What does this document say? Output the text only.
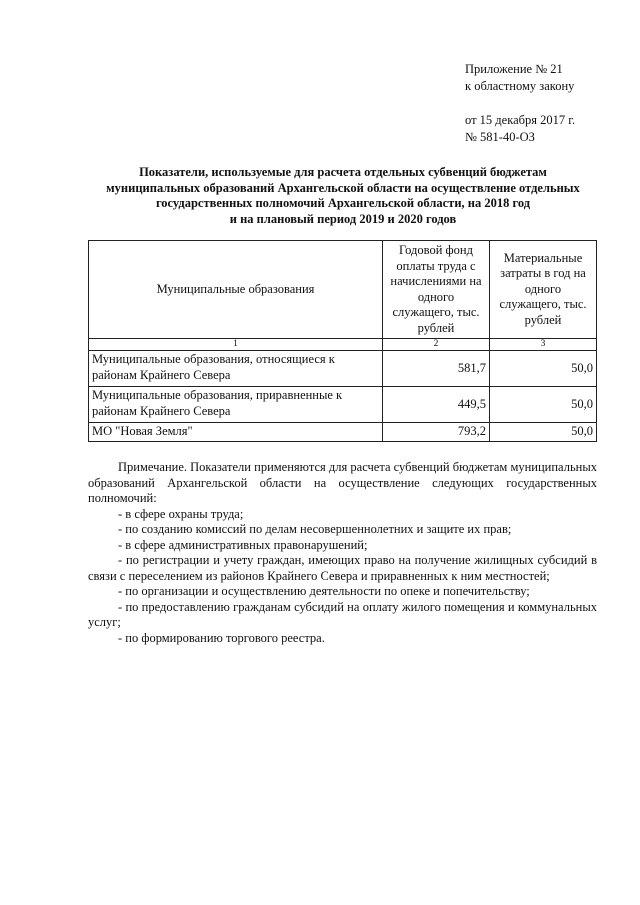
Приложение № 21
к областному закону
от 15 декабря 2017 г.
№ 581-40-ОЗ
Показатели, используемые для расчета отдельных субвенций бюджетам
муниципальных образований Архангельской области на осуществление отдельных
государственных полномочий Архангельской области, на 2018 год
и на плановый период 2019 и 2020 годов
Муниципальные образования	Годовой фонд оплаты труда с начислениями на одного служащего, тыс. рублей	Материальные затраты в год на одного служащего, тыс. рублей
1	2	3
Муниципальные образования, относящиеся к районам Крайнего Севера	581,7	50,0
Муниципальные образования, приравненные к районам Крайнего Севера	449,5	50,0
МО "Новая Земля"	793,2	50,0

Примечание. Показатели применяются для расчета субвенций бюджетам муниципальных образований Архангельской области на осуществление следующих государственных полномочий:

- в сфере охраны труда;

- по созданию комиссий по делам несовершеннолетних и защите их прав;

- в сфере административных правонарушений;

- по регистрации и учету граждан, имеющих право на получение жилищных субсидий в связи с переселением из районов Крайнего Севера и приравненных к ним местностей;

- по организации и осуществлению деятельности по опеке и попечительству;

- по предоставлению гражданам субсидий на оплату жилого помещения и коммунальных услуг;

- по формированию торгового реестра.
